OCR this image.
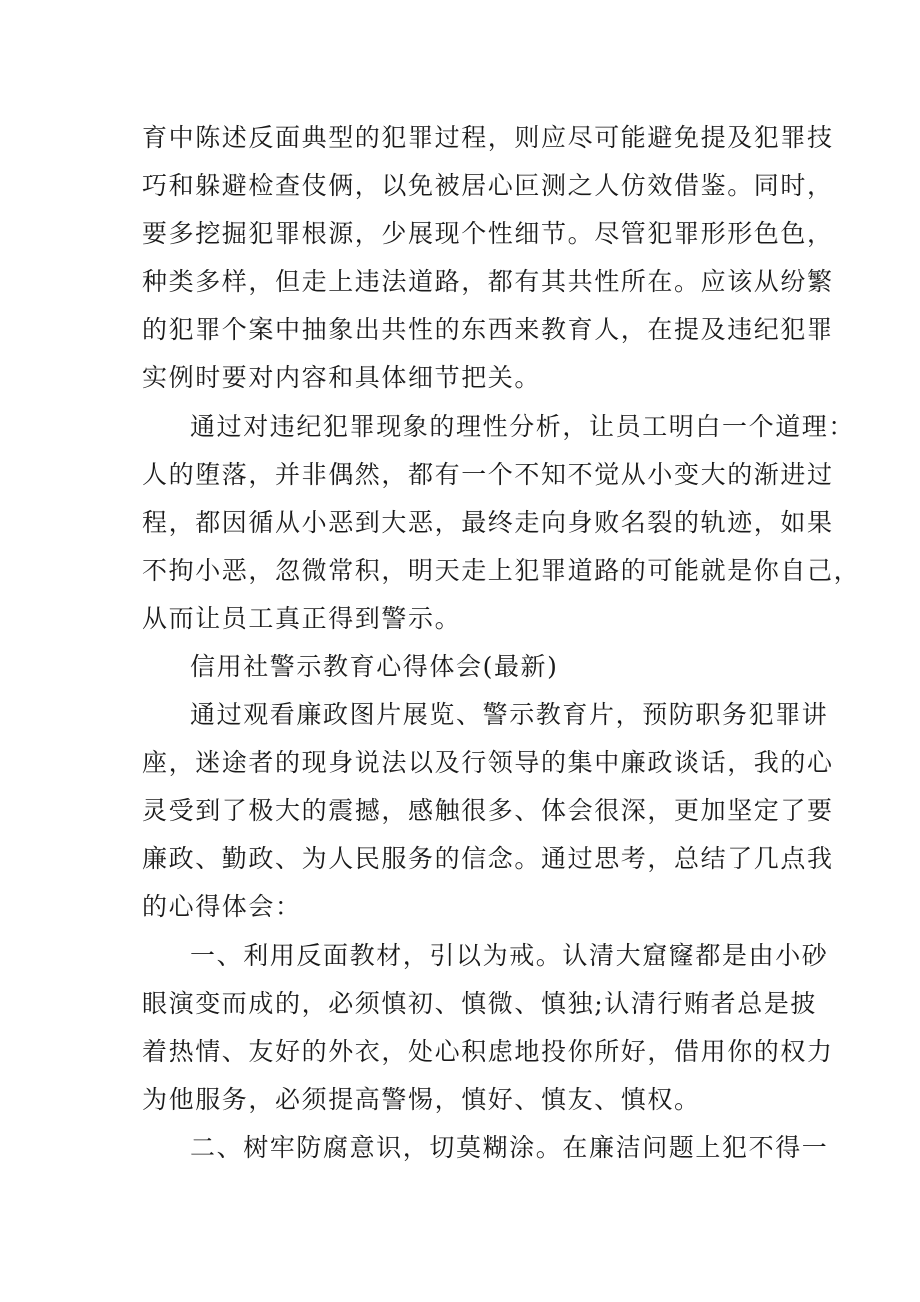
育中陈述反面典型的犯罪过程，则应尽可能避免提及犯罪技
巧和躲避检查伎俩，以免被居心叵测之人仿效借鉴。同时，
要多挖掘犯罪根源，少展现个性细节。尽管犯罪形形色色，
种类多样，但走上违法道路，都有其共性所在。应该从纷繁
的犯罪个案中抽象出共性的东西来教育人，在提及违纪犯罪
实例时要对内容和具体细节把关。
通过对违纪犯罪现象的理性分析，让员工明白一个道理：
人的堕落，并非偶然，都有一个不知不觉从小变大的渐进过
程，都因循从小恶到大恶，最终走向身败名裂的轨迹，如果
不拘小恶，忽微常积，明天走上犯罪道路的可能就是你自己，
从而让员工真正得到警示。
信用社警示教育心得体会(最新)
通过观看廉政图片展览、警示教育片，预防职务犯罪讲
座，迷途者的现身说法以及行领导的集中廉政谈话，我的心
灵受到了极大的震撼，感触很多、体会很深，更加坚定了要
廉政、勤政、为人民服务的信念。通过思考，总结了几点我
的心得体会：
一、利用反面教材，引以为戒。认清大窟窿都是由小砂
眼演变而成的，必须慎初、慎微、慎独;认清行贿者总是披
着热情、友好的外衣，处心积虑地投你所好，借用你的权力
为他服务，必须提高警惕，慎好、慎友、慎权。
二、树牢防腐意识，切莫糊涂。在廉洁问题上犯不得一
